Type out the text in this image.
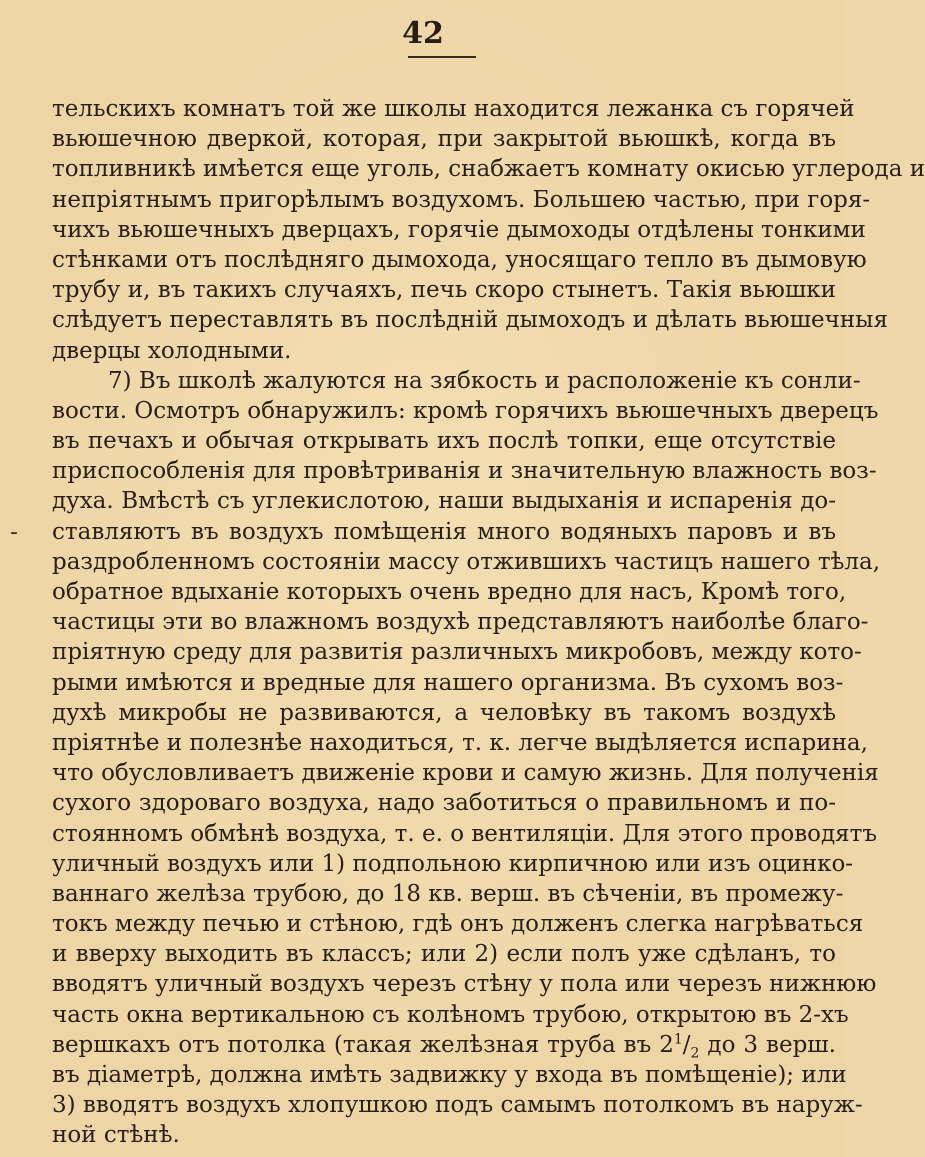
42
-
тельскихъ комнатъ той же школы находится лежанка съ горячей
вьюшечною дверкой, которая, при закрытой вьюшкѣ, когда въ
топливникѣ имѣется еще уголь, снабжаетъ комнату окисью углерода и
непріятнымъ пригорѣлымъ воздухомъ. Большею частью, при горя-
чихъ вьюшечныхъ дверцахъ, горячіе дымоходы отдѣлены тонкими
стѣнками отъ послѣдняго дымохода, уносящаго тепло въ дымовую
трубу и, въ такихъ случаяхъ, печь скоро стынетъ. Такія вьюшки
слѣдуетъ переставлять въ послѣдній дымоходъ и дѣлать вьюшечныя
дверцы холодными.
7) Въ школѣ жалуются на зябкость и расположеніе къ сонли-
вости. Осмотръ обнаружилъ: кромѣ горячихъ вьюшечныхъ дверецъ
въ печахъ и обычая открывать ихъ послѣ топки, еще отсутствіе
приспособленія для провѣтриванія и значительную влажность воз-
духа. Вмѣстѣ съ углекислотою, наши выдыханія и испаренія до-
ставляютъ въ воздухъ помѣщенія много водяныхъ паровъ и въ
раздробленномъ состояніи массу отжившихъ частицъ нашего тѣла,
обратное вдыханіе которыхъ очень вредно для насъ, Кромѣ того,
частицы эти во влажномъ воздухѣ представляютъ наиболѣе благо-
пріятную среду для развитія различныхъ микробовъ, между кото-
рыми имѣются и вредные для нашего организма. Въ сухомъ воз-
духѣ микробы не развиваются, а человѣку въ такомъ воздухѣ
пріятнѣе и полезнѣе находиться, т. к. легче выдѣляется испарина,
что обусловливаетъ движеніе крови и самую жизнь. Для полученія
сухого здороваго воздуха, надо заботиться о правильномъ и по-
стоянномъ обмѣнѣ воздуха, т. е. о вентиляціи. Для этого проводятъ
уличный воздухъ или 1) подпольною кирпичною или изъ оцинко-
ваннаго желѣза трубою, до 18 кв. верш. въ сѣченіи, въ промежу-
токъ между печью и стѣною, гдѣ онъ долженъ слегка нагрѣваться
и вверху выходить въ классъ; или 2) если полъ уже сдѣланъ, то
вводятъ уличный воздухъ черезъ стѣну у пола или черезъ нижнюю
часть окна вертикальною съ колѣномъ трубою, открытою въ 2-хъ
вершкахъ отъ потолка (такая желѣзная труба въ $2^1/_2$ до 3 верш.
въ діаметрѣ, должна имѣть задвижку у входа въ помѣщеніе); или
3) вводятъ воздухъ хлопушкою подъ самымъ потолкомъ въ наруж-
ной стѣнѣ.
